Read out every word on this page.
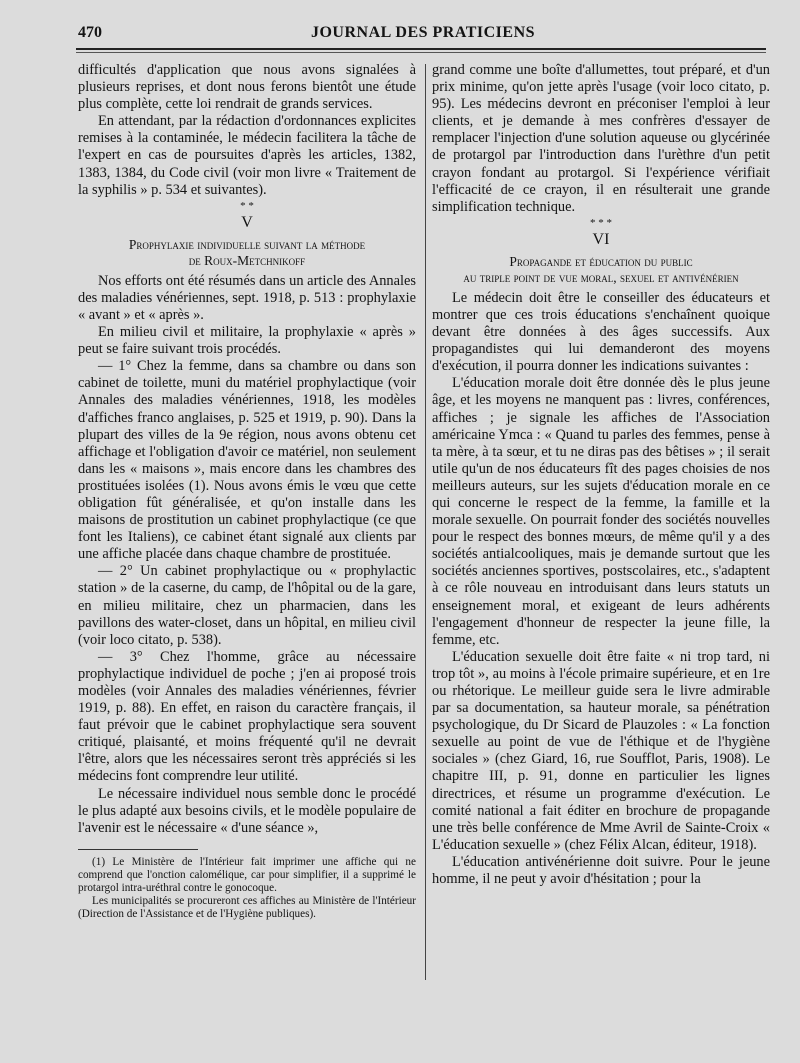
470	JOURNAL DES PRATICIENS

difficultés d'application que nous avons signalées à plusieurs reprises, et dont nous ferons bientôt une étude plus complète, cette loi rendrait de grands services.

En attendant, par la rédaction d'ordonnances explicites remises à la contaminée, le médecin facilitera la tâche de l'expert en cas de poursuites d'après les articles, 1382, 1383, 1384, du Code civil (voir mon livre « Traitement de la syphilis » p. 534 et suivantes).

* *
V
Prophylaxie individuelle suivant la méthode
de Roux-Metchnikoff

Nos efforts ont été résumés dans un article des Annales des maladies vénériennes, sept. 1918, p. 513 : prophylaxie « avant » et « après ».

En milieu civil et militaire, la prophylaxie « après » peut se faire suivant trois procédés.

— 1° Chez la femme, dans sa chambre ou dans son cabinet de toilette, muni du matériel prophylactique (voir Annales des maladies vénériennes, 1918, les modèles d'affiches franco anglaises, p. 525 et 1919, p. 90). Dans la plupart des villes de la 9e région, nous avons obtenu cet affichage et l'obligation d'avoir ce matériel, non seulement dans les « maisons », mais encore dans les chambres des prostituées isolées (1). Nous avons émis le vœu que cette obligation fût généralisée, et qu'on installe dans les maisons de prostitution un cabinet prophylactique (ce que font les Italiens), ce cabinet étant signalé aux clients par une affiche placée dans chaque chambre de prostituée.

— 2° Un cabinet prophylactique ou « prophylactic station » de la caserne, du camp, de l'hôpital ou de la gare, en milieu militaire, chez un pharmacien, dans les pavillons des water-closet, dans un hôpital, en milieu civil (voir loco citato, p. 538).

— 3° Chez l'homme, grâce au nécessaire prophylactique individuel de poche ; j'en ai proposé trois modèles (voir Annales des maladies vénériennes, février 1919, p. 88). En effet, en raison du caractère français, il faut prévoir que le cabinet prophylactique sera souvent critiqué, plaisanté, et moins fréquenté qu'il ne devrait l'être, alors que les nécessaires seront très appréciés si les médecins font comprendre leur utilité.

Le nécessaire individuel nous semble donc le procédé le plus adapté aux besoins civils, et le modèle populaire de l'avenir est le nécessaire « d'une séance »,

(1) Le Ministère de l'Intérieur fait imprimer une affiche qui ne comprend que l'onction calomélique, car pour simplifier, il a supprimé le protargol intra-uréthral contre le gonocoque.

Les municipalités se procureront ces affiches au Ministère de l'Intérieur (Direction de l'Assistance et de l'Hygiène publiques).

grand comme une boîte d'allumettes, tout préparé, et d'un prix minime, qu'on jette après l'usage (voir loco citato, p. 95). Les médecins devront en préconiser l'emploi à leur clients, et je demande à mes confrères d'essayer de remplacer l'injection d'une solution aqueuse ou glycérinée de protargol par l'introduction dans l'urèthre d'un petit crayon fondant au protargol. Si l'expérience vérifiait l'efficacité de ce crayon, il en résulterait une grande simplification technique.

* * *
VI
Propagande et éducation du public
au triple point de vue moral, sexuel et antivénérien

Le médecin doit être le conseiller des éducateurs et montrer que ces trois éducations s'enchaînent quoique devant être données à des âges successifs. Aux propagandistes qui lui demanderont des moyens d'exécution, il pourra donner les indications suivantes :

L'éducation morale doit être donnée dès le plus jeune âge, et les moyens ne manquent pas : livres, conférences, affiches ; je signale les affiches de l'Association américaine Ymca : « Quand tu parles des femmes, pense à ta mère, à ta sœur, et tu ne diras pas des bêtises » ; il serait utile qu'un de nos éducateurs fît des pages choisies de nos meilleurs auteurs, sur les sujets d'éducation morale en ce qui concerne le respect de la femme, la famille et la morale sexuelle. On pourrait fonder des sociétés nouvelles pour le respect des bonnes mœurs, de même qu'il y a des sociétés antialcooliques, mais je demande surtout que les sociétés anciennes sportives, postscolaires, etc., s'adaptent à ce rôle nouveau en introduisant dans leurs statuts un enseignement moral, et exigeant de leurs adhérents l'engagement d'honneur de respecter la jeune fille, la femme, etc.

L'éducation sexuelle doit être faite « ni trop tard, ni trop tôt », au moins à l'école primaire supérieure, et en 1re ou rhétorique. Le meilleur guide sera le livre admirable par sa documentation, sa hauteur morale, sa pénétration psychologique, du Dr Sicard de Plauzoles : « La fonction sexuelle au point de vue de l'éthique et de l'hygiène sociales » (chez Giard, 16, rue Soufflot, Paris, 1908). Le chapitre III, p. 91, donne en particulier les lignes directrices, et résume un programme d'exécution. Le comité national a fait éditer en brochure de propagande une très belle conférence de Mme Avril de Sainte-Croix « L'éducation sexuelle » (chez Félix Alcan, éditeur, 1918).

L'éducation antivénérienne doit suivre. Pour le jeune homme, il ne peut y avoir d'hésitation ; pour la
